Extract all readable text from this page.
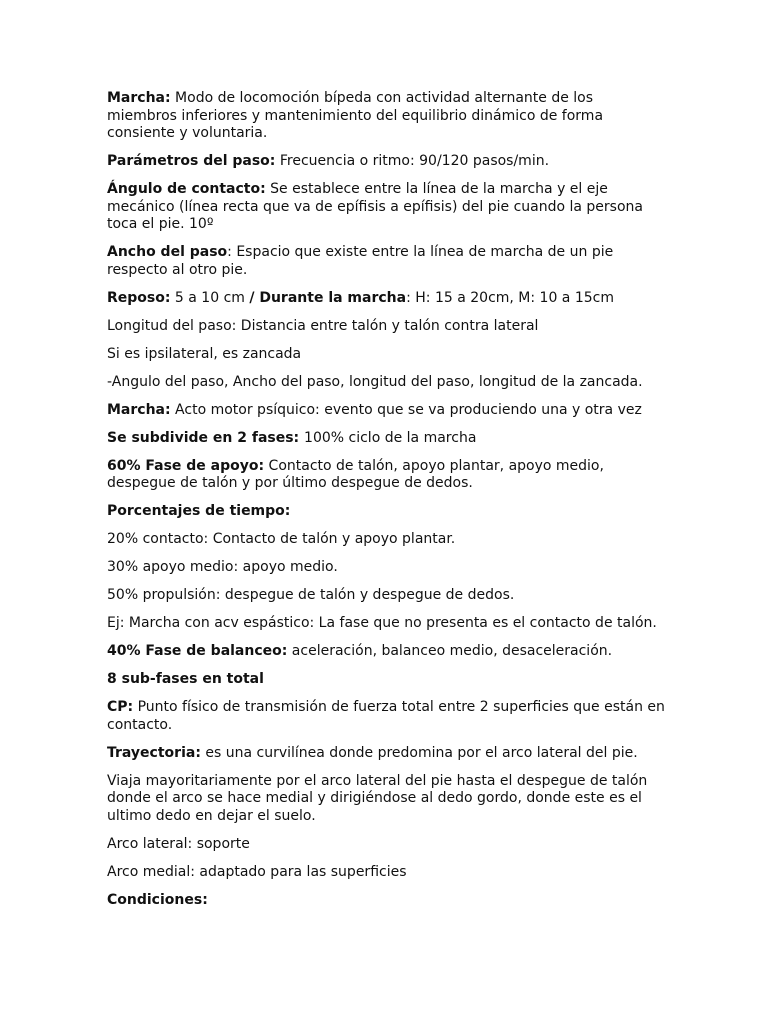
Marcha: Modo de locomoción bípeda con actividad alternante de los miembros inferiores y mantenimiento del equilibrio dinámico de forma consiente y voluntaria.

Parámetros del paso: Frecuencia o ritmo: 90/120 pasos/min.

Ángulo de contacto: Se establece entre la línea de la marcha y el eje mecánico (línea recta que va de epífisis a epífisis) del pie cuando la persona toca el pie. 10º

Ancho del paso: Espacio que existe entre la línea de marcha de un pie respecto al otro pie.

Reposo: 5 a 10 cm / Durante la marcha: H: 15 a 20cm, M: 10 a 15cm

Longitud del paso: Distancia entre talón y talón contra lateral

Si es ipsilateral, es zancada

-Angulo del paso, Ancho del paso, longitud del paso, longitud de la zancada.

Marcha: Acto motor psíquico: evento que se va produciendo una y otra vez

Se subdivide en 2 fases: 100% ciclo de la marcha

60% Fase de apoyo: Contacto de talón, apoyo plantar, apoyo medio, despegue de talón y por último despegue de dedos.

Porcentajes de tiempo:

20% contacto: Contacto de talón y apoyo plantar.

30% apoyo medio: apoyo medio.

50% propulsión: despegue de talón y despegue de dedos.

Ej: Marcha con acv espástico: La fase que no presenta es el contacto de talón.

40% Fase de balanceo: aceleración, balanceo medio, desaceleración.

8 sub-fases en total

CP: Punto físico de transmisión de fuerza total entre 2 superficies que están en contacto.

Trayectoria: es una curvilínea donde predomina por el arco lateral del pie.

Viaja mayoritariamente por el arco lateral del pie hasta el despegue de talón donde el arco se hace medial y dirigiéndose al dedo gordo, donde este es el ultimo dedo en dejar el suelo.

Arco lateral: soporte

Arco medial: adaptado para las superficies

Condiciones:
